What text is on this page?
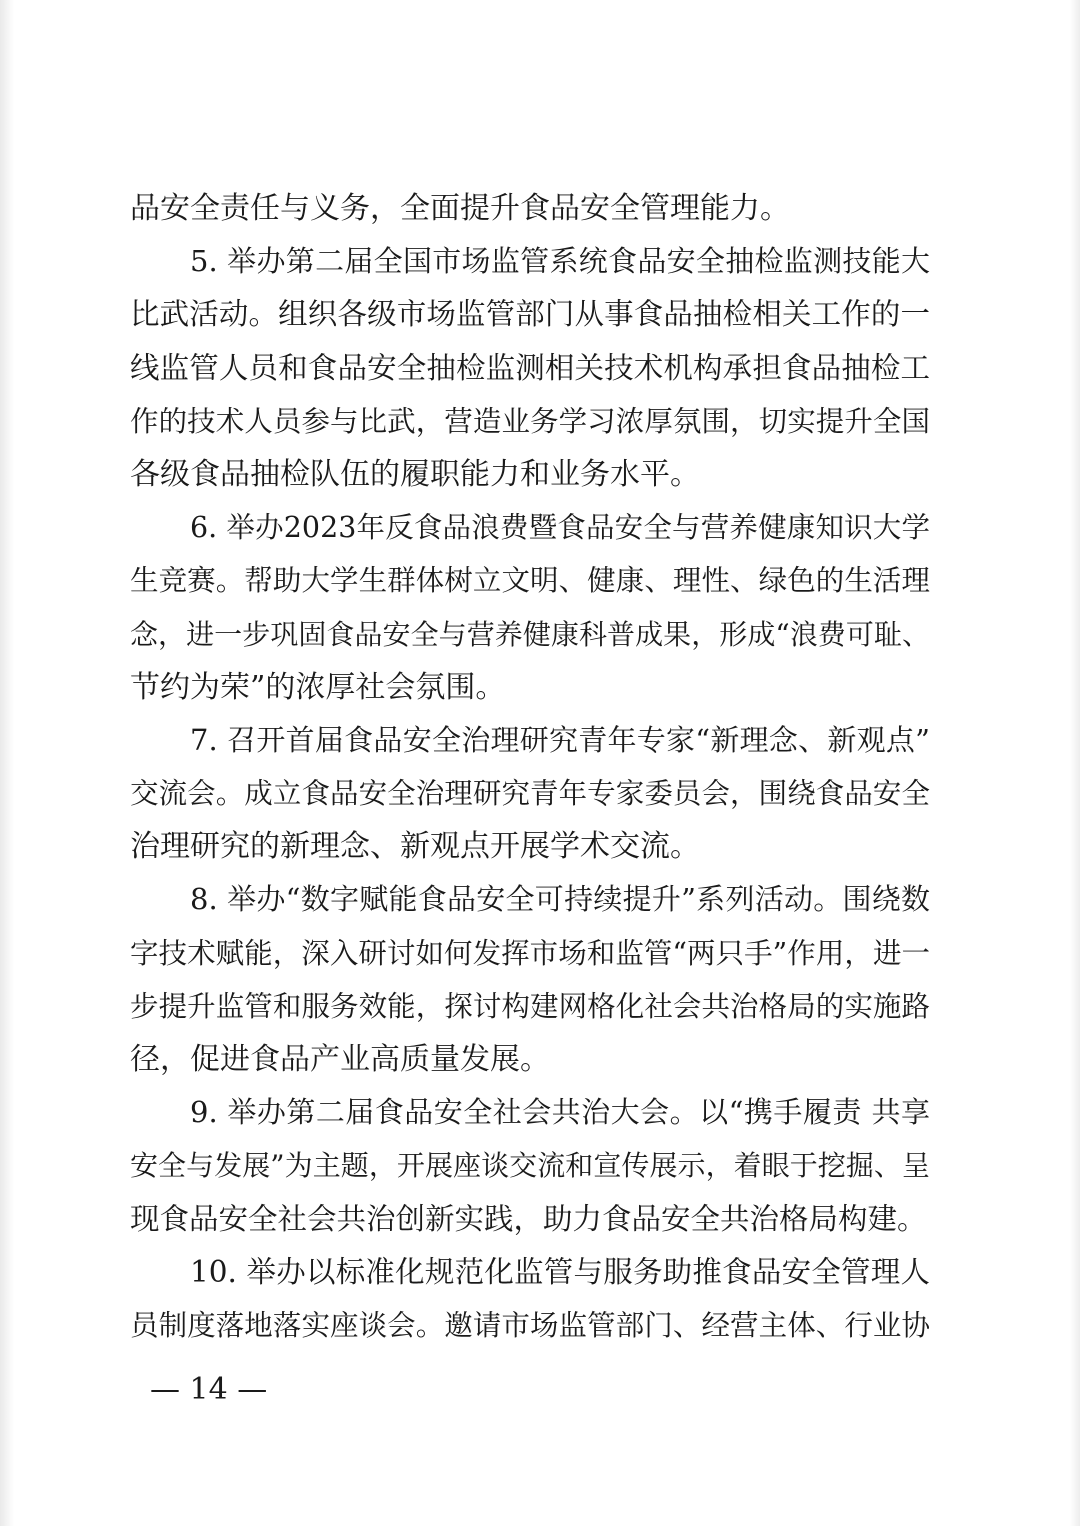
品安全责任与义务，全面提升食品安全管理能力。
5. 举办第二届全国市场监管系统食品安全抽检监测技能大
比武活动。组织各级市场监管部门从事食品抽检相关工作的一
线监管人员和食品安全抽检监测相关技术机构承担食品抽检工
作的技术人员参与比武，营造业务学习浓厚氛围，切实提升全国
各级食品抽检队伍的履职能力和业务水平。
6. 举办2023年反食品浪费暨食品安全与营养健康知识大学
生竞赛。帮助大学生群体树立文明、健康、理性、绿色的生活理
念，进一步巩固食品安全与营养健康科普成果，形成“浪费可耻、
节约为荣”的浓厚社会氛围。
7. 召开首届食品安全治理研究青年专家“新理念、新观点”
交流会。成立食品安全治理研究青年专家委员会，围绕食品安全
治理研究的新理念、新观点开展学术交流。
8. 举办“数字赋能食品安全可持续提升”系列活动。围绕数
字技术赋能，深入研讨如何发挥市场和监管“两只手”作用，进一
步提升监管和服务效能，探讨构建网格化社会共治格局的实施路
径，促进食品产业高质量发展。
9. 举办第二届食品安全社会共治大会。以“携手履责 共享
安全与发展”为主题，开展座谈交流和宣传展示，着眼于挖掘、呈
现食品安全社会共治创新实践，助力食品安全共治格局构建。
10. 举办以标准化规范化监管与服务助推食品安全管理人
员制度落地落实座谈会。邀请市场监管部门、经营主体、行业协
— 14 —
